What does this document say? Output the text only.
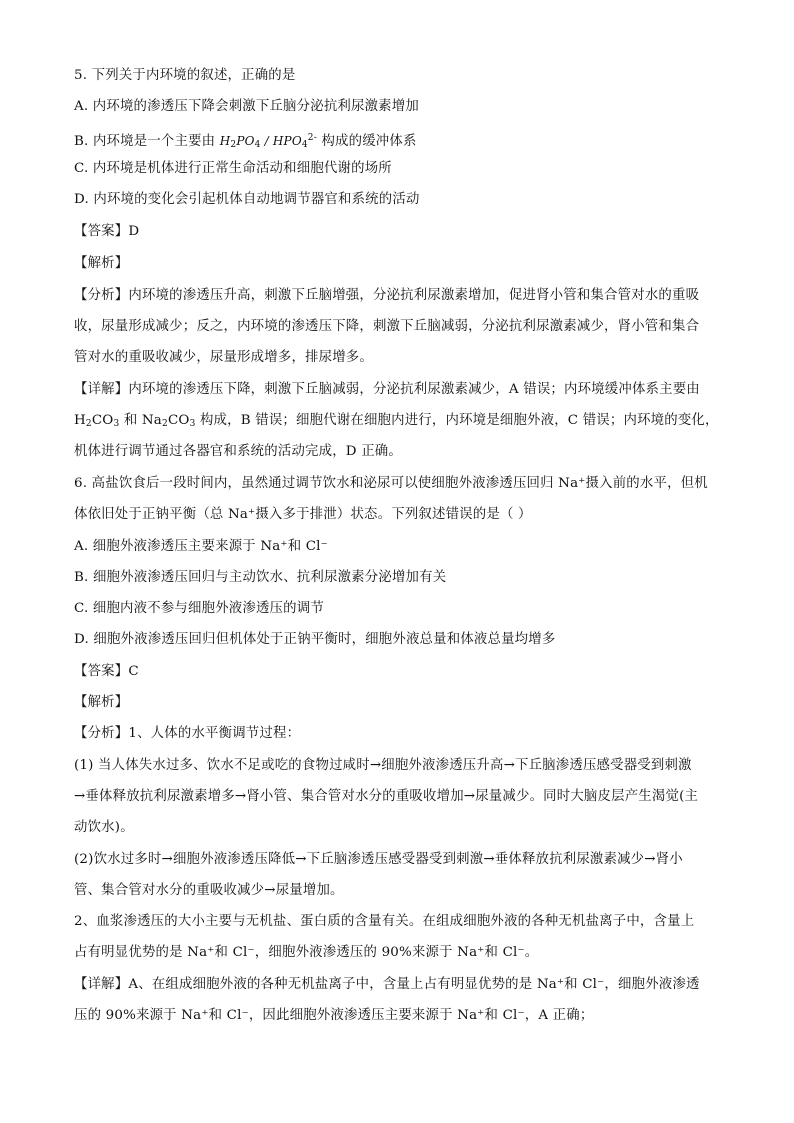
5. 下列关于内环境的叙述，正确的是
A. 内环境的渗透压下降会刺激下丘脑分泌抗利尿激素增加
B. 内环境是一个主要由 $H_2PO_4 / HPO_4^{2-}$ 构成的缓冲体系
C. 内环境是机体进行正常生命活动和细胞代谢的场所
D. 内环境的变化会引起机体自动地调节器官和系统的活动
【答案】D
【解析】
【分析】内环境的渗透压升高，刺激下丘脑增强，分泌抗利尿激素增加，促进肾小管和集合管对水的重吸
收，尿量形成减少；反之，内环境的渗透压下降，刺激下丘脑减弱，分泌抗利尿激素减少，肾小管和集合
管对水的重吸收减少，尿量形成增多，排尿增多。
【详解】内环境的渗透压下降，刺激下丘脑减弱，分泌抗利尿激素减少，A 错误；内环境缓冲体系主要由
$H_2CO_3$ 和 $Na_2CO_3$ 构成，B 错误；细胞代谢在细胞内进行，内环境是细胞外液，C 错误；内环境的变化，
机体进行调节通过各器官和系统的活动完成，D 正确。
6. 高盐饮食后一段时间内，虽然通过调节饮水和泌尿可以使细胞外液渗透压回归 Na⁺摄入前的水平，但机
体依旧处于正钠平衡（总 Na⁺摄入多于排泄）状态。下列叙述错误的是（ ）
A. 细胞外液渗透压主要来源于 Na⁺和 Cl⁻
B. 细胞外液渗透压回归与主动饮水、抗利尿激素分泌增加有关
C. 细胞内液不参与细胞外液渗透压的调节
D. 细胞外液渗透压回归但机体处于正钠平衡时，细胞外液总量和体液总量均增多
【答案】C
【解析】
【分析】1、人体的水平衡调节过程：
(1) 当人体失水过多、饮水不足或吃的食物过咸时→细胞外液渗透压升高→下丘脑渗透压感受器受到刺激
→垂体释放抗利尿激素增多→肾小管、集合管对水分的重吸收增加→尿量减少。同时大脑皮层产生渴觉(主
动饮水)。
(2)饮水过多时→细胞外液渗透压降低→下丘脑渗透压感受器受到刺激→垂体释放抗利尿激素减少→肾小
管、集合管对水分的重吸收减少→尿量增加。
2、血浆渗透压的大小主要与无机盐、蛋白质的含量有关。在组成细胞外液的各种无机盐离子中，含量上
占有明显优势的是 Na⁺和 Cl⁻，细胞外液渗透压的 90%来源于 Na⁺和 Cl⁻。
【详解】A、在组成细胞外液的各种无机盐离子中，含量上占有明显优势的是 Na⁺和 Cl⁻，细胞外液渗透
压的 90%来源于 Na⁺和 Cl⁻，因此细胞外液渗透压主要来源于 Na⁺和 Cl⁻，A 正确；
